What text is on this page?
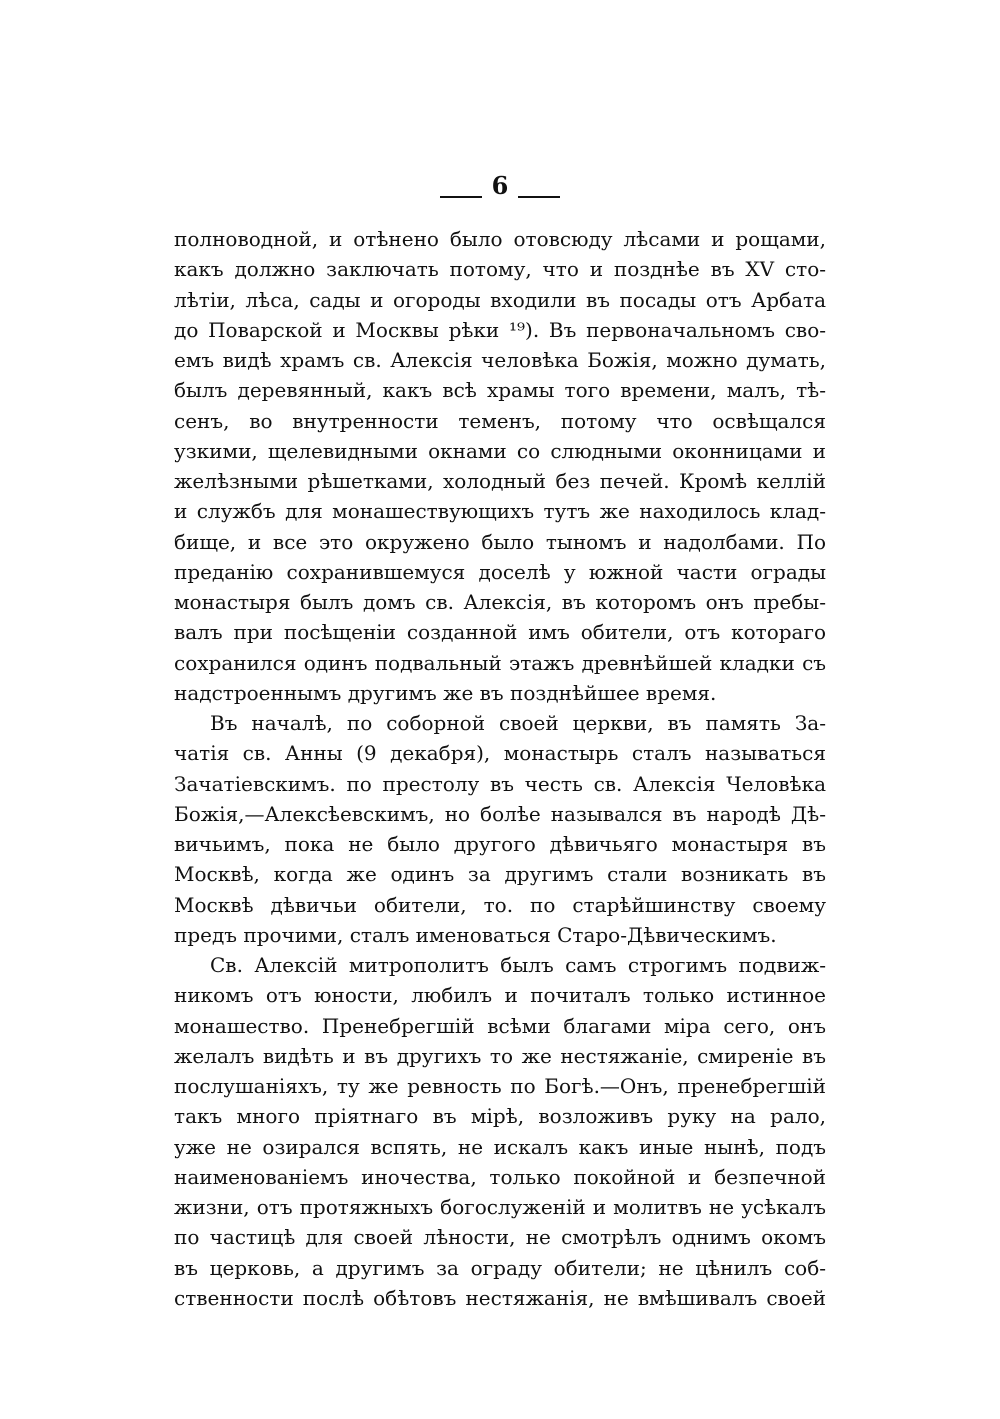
6
полноводной, и отѣнено было отовсюду лѣсами и рощами,
какъ должно заключать потому, что и позднѣе въ XV сто-
лѣтіи, лѣса, сады и огороды входили въ посады отъ Арбата
до Поварской и Москвы рѣки ¹⁹). Въ первоначальномъ сво-
емъ видѣ храмъ св. Алексія человѣка Божія, можно думать,
былъ деревянный, какъ всѣ храмы того времени, малъ, тѣ-
сенъ, во внутренности теменъ, потому что освѣщался
узкими, щелевидными окнами со слюдными оконницами и
желѣзными рѣшетками, холодный без печей. Кромѣ келлій
и службъ для монашествующихъ тутъ же находилось клад-
бище, и все это окружено было тыномъ и надолбами. По
преданію сохранившемуся доселѣ у южной части ограды
монастыря былъ домъ св. Алексія, въ которомъ онъ пребы-
валъ при посѣщеніи созданной имъ обители, отъ котораго
сохранился одинъ подвальный этажъ древнѣйшей кладки съ
надстроеннымъ другимъ же въ позднѣйшее время.
Въ началѣ, по соборной своей церкви, въ память За-
чатія св. Анны (9 декабря), монастырь сталъ называться
Зачатіевскимъ. по престолу въ честь св. Алексія Человѣка
Божія,—Алексѣевскимъ, но болѣе назывался въ народѣ Дѣ-
вичьимъ, пока не было другого дѣвичьяго монастыря въ
Москвѣ, когда же одинъ за другимъ стали возникать въ
Москвѣ дѣвичьи обители, то. по старѣйшинству своему
предъ прочими, сталъ именоваться Старо-Дѣвическимъ.
Св. Алексій митрополитъ былъ самъ строгимъ подвиж-
никомъ отъ юности, любилъ и почиталъ только истинное
монашество. Пренебрегшій всѣми благами міра сего, онъ
желалъ видѣть и въ другихъ то же нестяжаніе, смиреніе въ
послушаніяхъ, ту же ревность по Богѣ.—Онъ, пренебрегшій
такъ много пріятнаго въ мірѣ, возложивъ руку на рало,
уже не озирался вспять, не искалъ какъ иные нынѣ, подъ
наименованіемъ иночества, только покойной и безпечной
жизни, отъ протяжныхъ богослуженій и молитвъ не усѣкалъ
по частицѣ для своей лѣности, не смотрѣлъ однимъ окомъ
въ церковь, а другимъ за ограду обители; не цѣнилъ соб-
ственности послѣ обѣтовъ нестяжанія, не вмѣшивалъ своей
